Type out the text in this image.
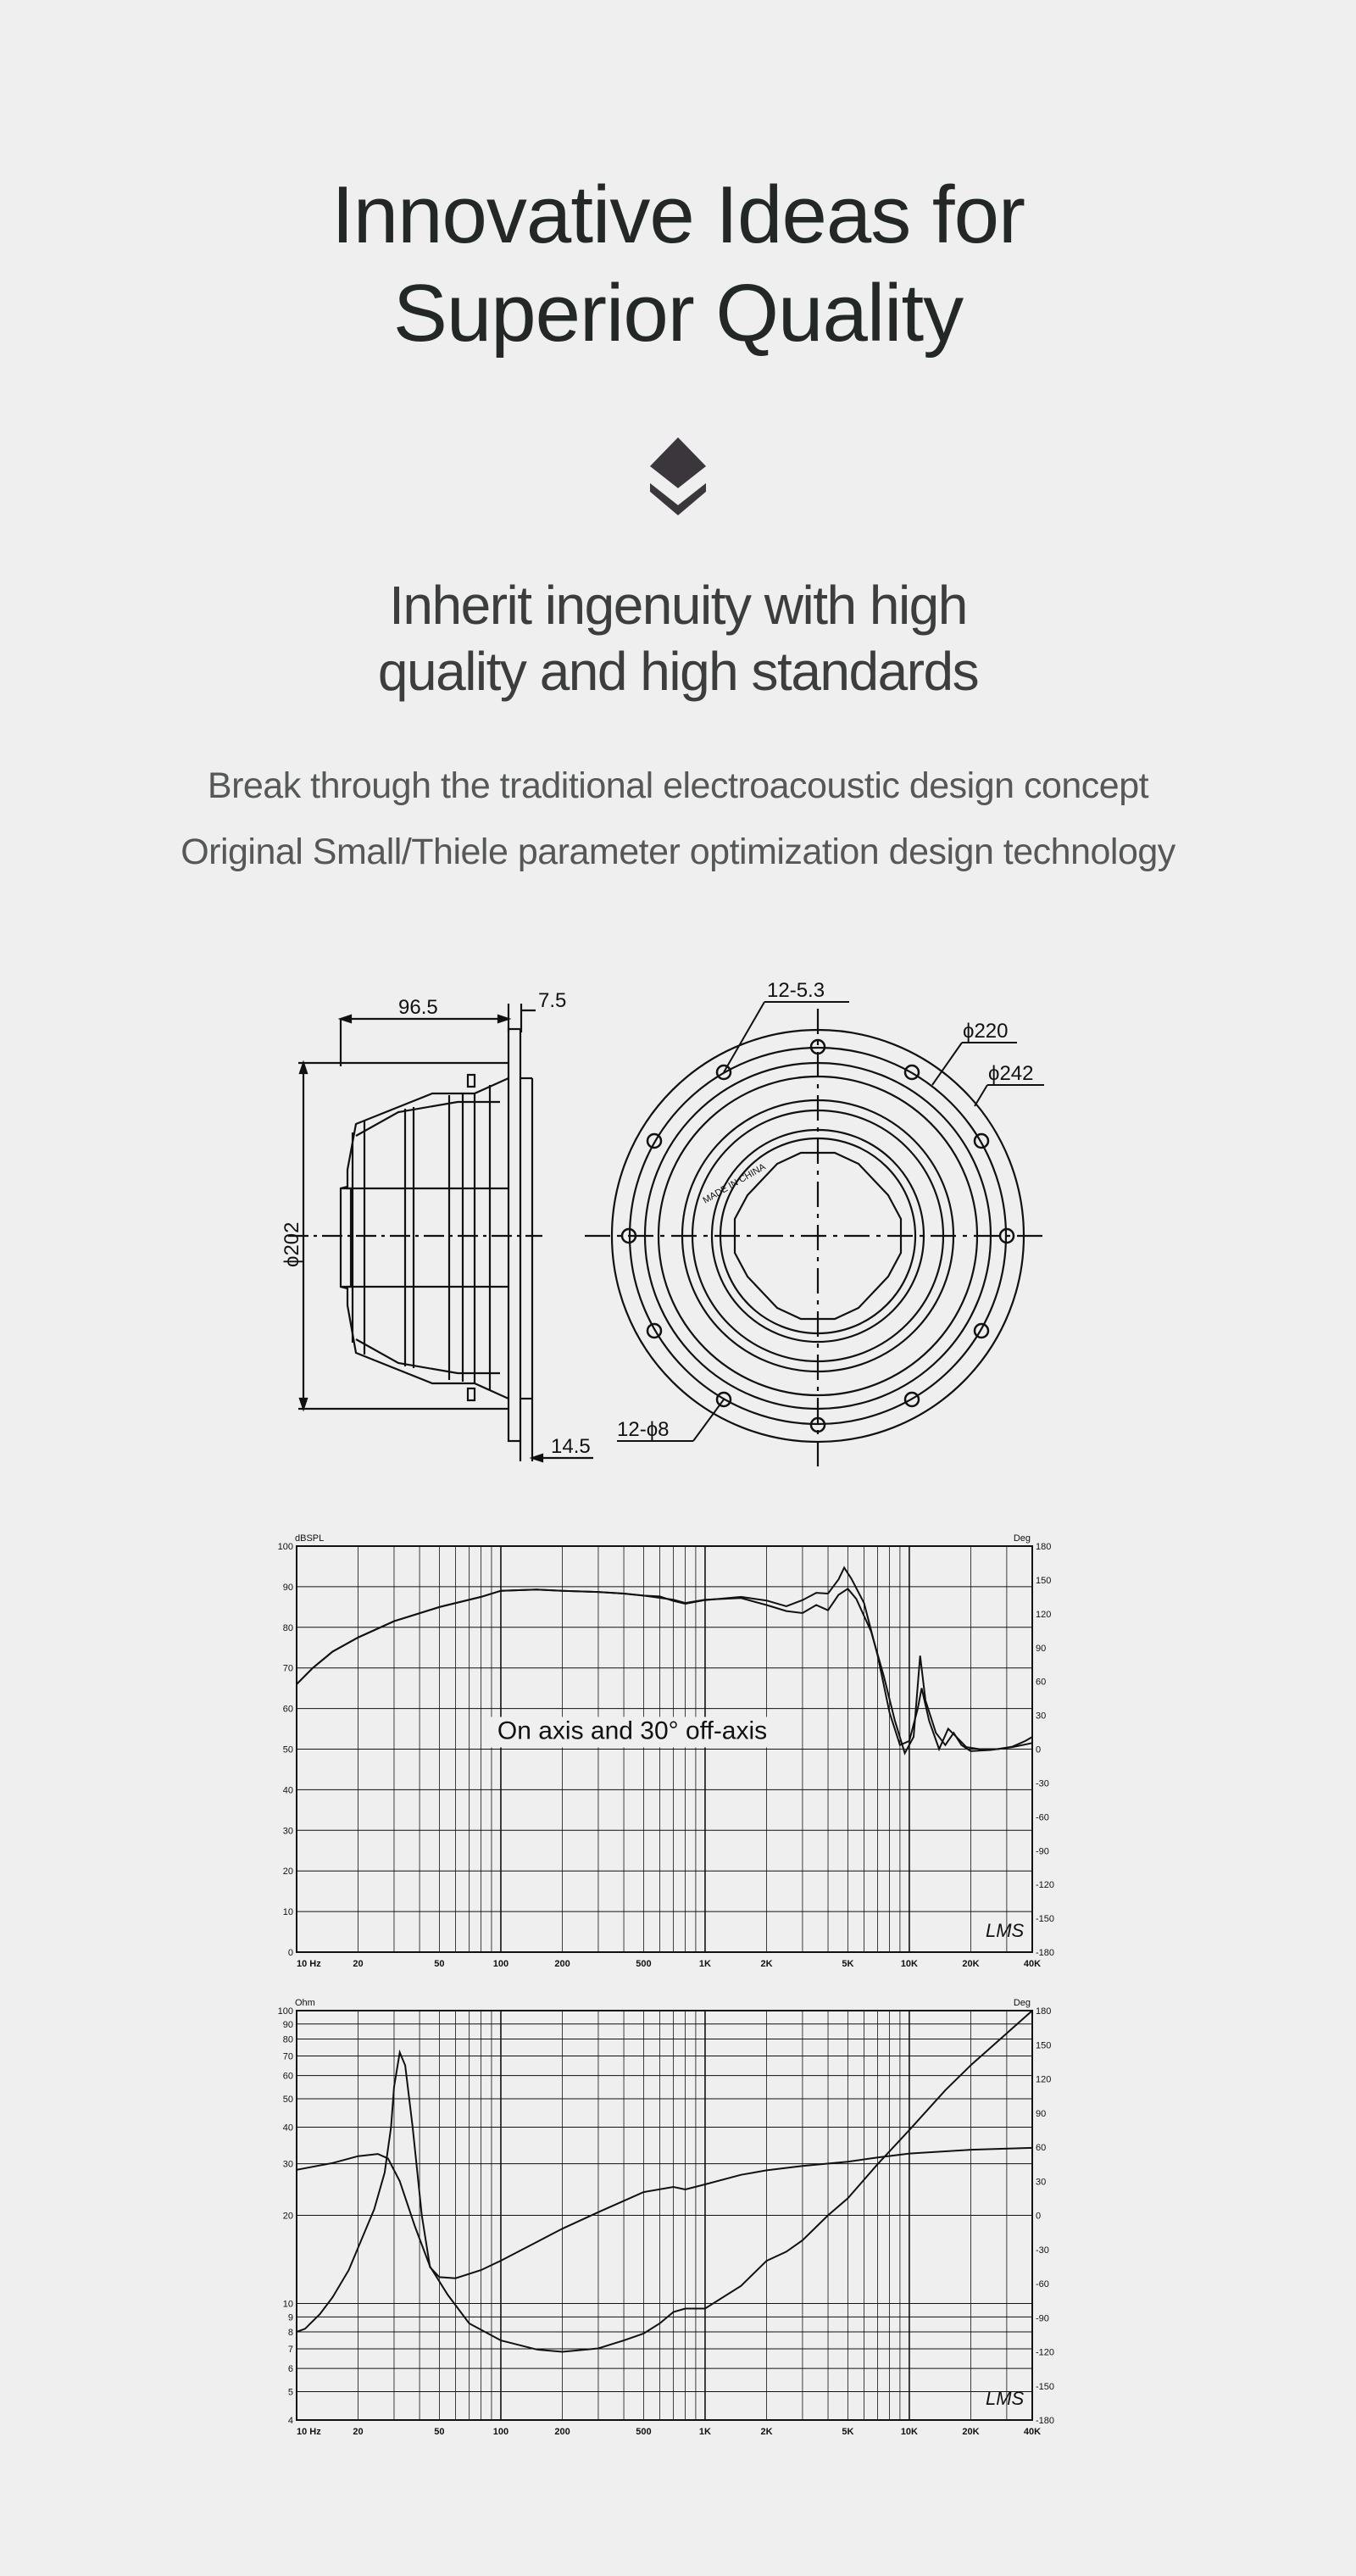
Innovative Ideas for
Superior Quality
Inherit ingenuity with high
quality and high standards
Break through the traditional electroacoustic design concept
Original Small/Thiele parameter optimization design technology
96.5	7.5	12-5.3
ϕ220
ϕ242
ϕ202
14.5
12-ϕ8
MADE IN CHINA
0
10
20
30
40
50
60
70
80
90
100
-180
-150
-120
-90
-60
-30
0
30
60
90
120
150
180
10 Hz	20	50	100	200	500	1K	2K	5K	10K	20K	40K
dBSPL	Deg
On axis and 30° off-axis
LMS
4
5
6
7
8
9
10
20
30
40
50
60
70
80
90
100
-180
-150
-120
-90
-60
-30
0
30
60
90
120
150
180
10 Hz	20	50	100	200	500	1K	2K	5K	10K	20K	40K
Ohm	Deg
LMS
